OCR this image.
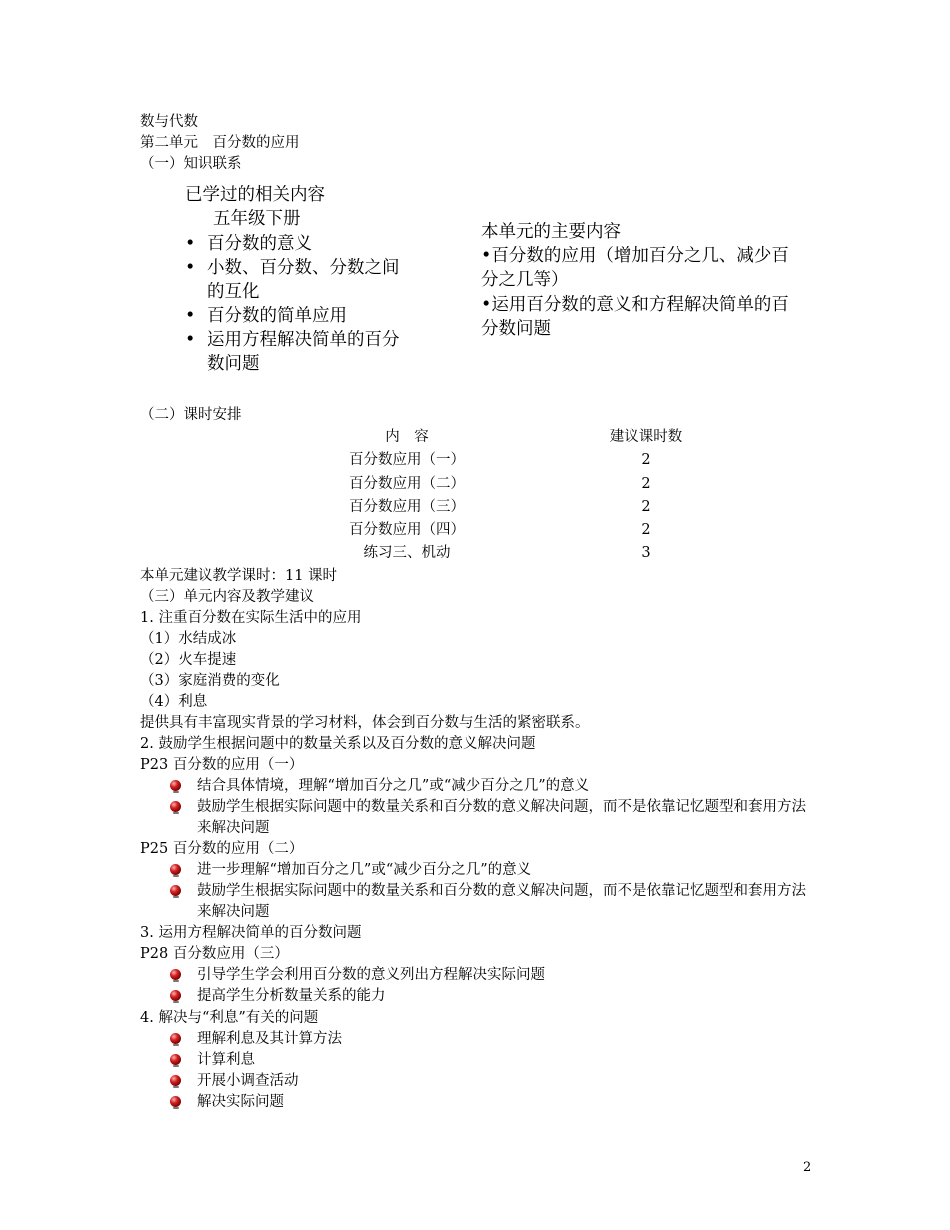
数与代数
第二单元　百分数的应用
（一）知识联系
已学过的相关内容
五年级下册
• 百分数的意义
• 小数、百分数、分数之间的互化
• 百分数的简单应用
• 运用方程解决简单的百分数问题
本单元的主要内容
•百分数的应用（增加百分之几、减少百分之几等）
•运用百分数的意义和方程解决简单的百分数问题
（二）课时安排
内　容	建议课时数
百分数应用（一）	2
百分数应用（二）	2
百分数应用（三）	2
百分数应用（四）	2
练习三、机动	3
本单元建议教学课时：11 课时
（三）单元内容及教学建议
1. 注重百分数在实际生活中的应用
（1）水结成冰
（2）火车提速
（3）家庭消费的变化
（4）利息
提供具有丰富现实背景的学习材料，体会到百分数与生活的紧密联系。
2. 鼓励学生根据问题中的数量关系以及百分数的意义解决问题
P23 百分数的应用（一）
结合具体情境，理解“增加百分之几”或“减少百分之几”的意义
鼓励学生根据实际问题中的数量关系和百分数的意义解决问题，而不是依靠记忆题型和套用方法来解决问题
P25 百分数的应用（二）
进一步理解“增加百分之几”或“减少百分之几”的意义
鼓励学生根据实际问题中的数量关系和百分数的意义解决问题，而不是依靠记忆题型和套用方法来解决问题
3. 运用方程解决简单的百分数问题
P28 百分数应用（三）
引导学生学会利用百分数的意义列出方程解决实际问题
提高学生分析数量关系的能力
4. 解决与“利息”有关的问题
理解利息及其计算方法
计算利息
开展小调查活动
解决实际问题
2
